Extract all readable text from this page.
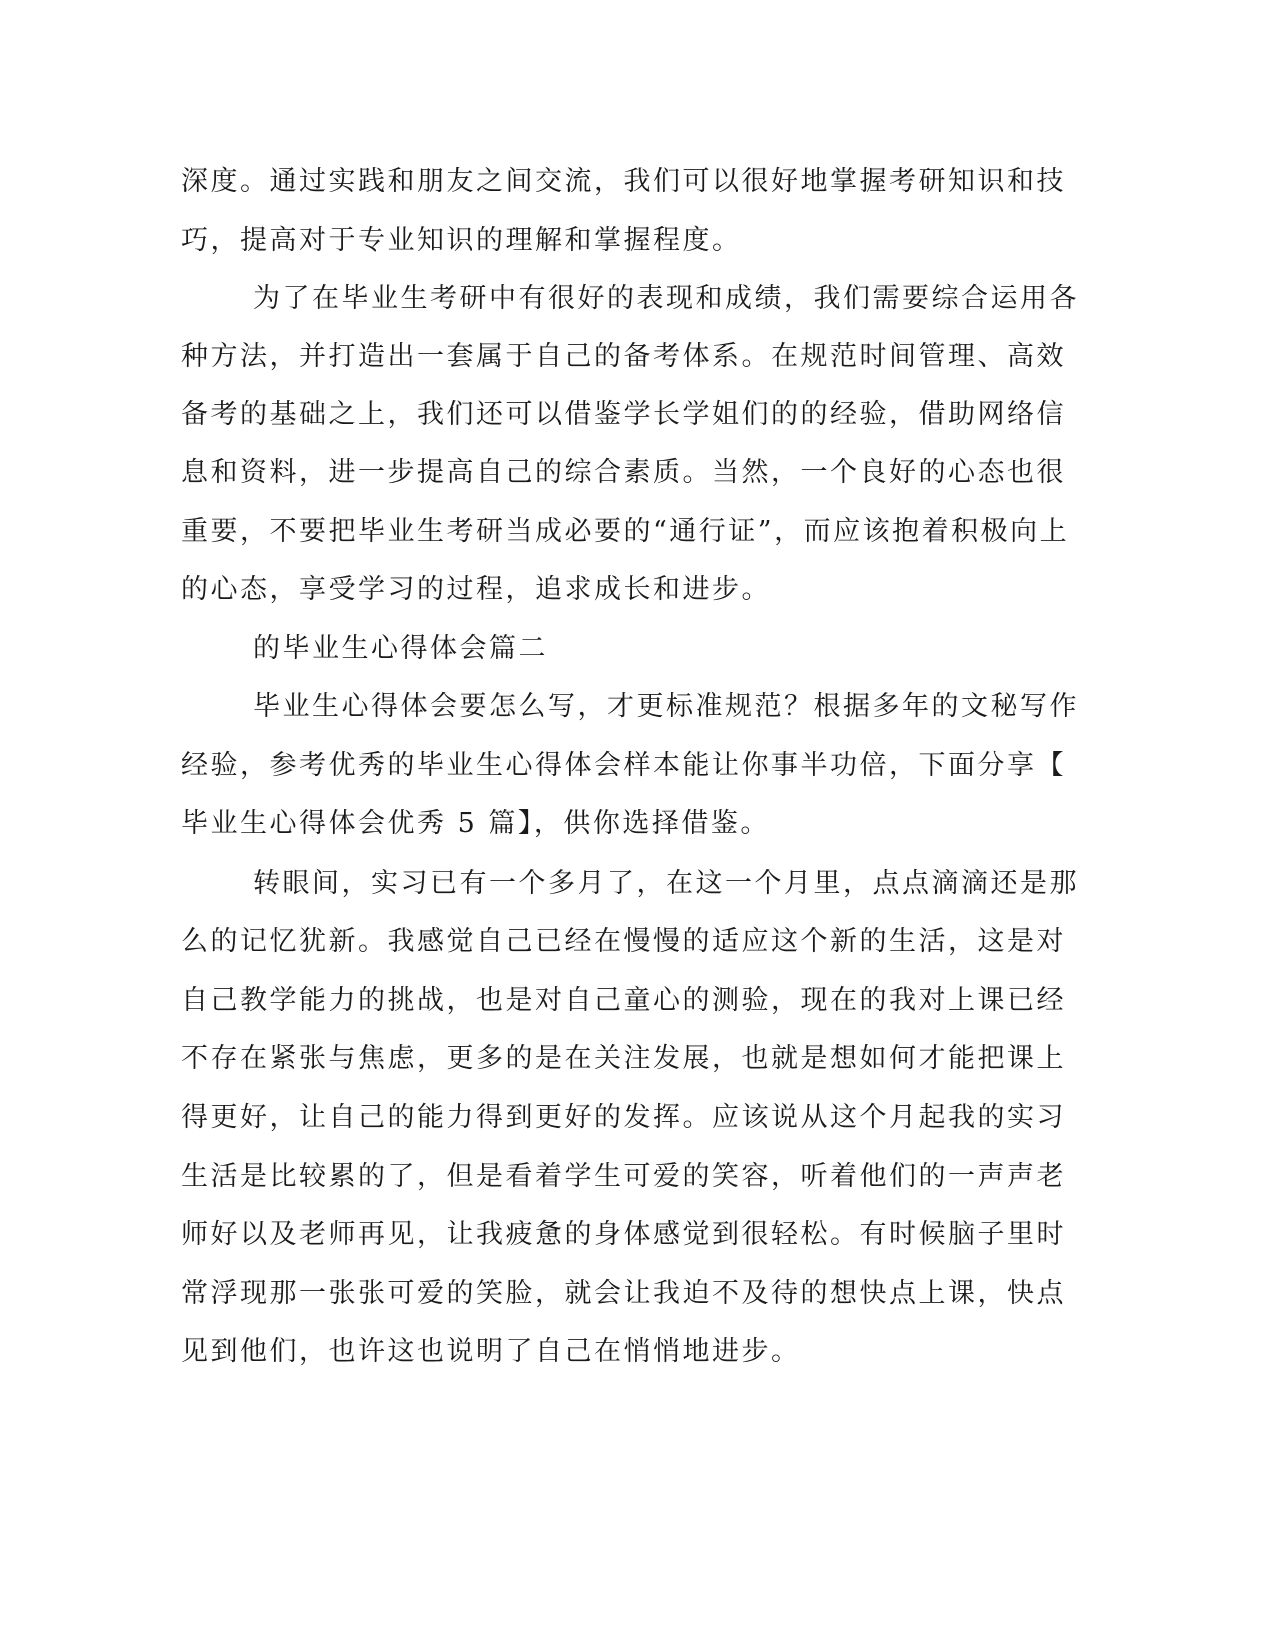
深度。通过实践和朋友之间交流，我们可以很好地掌握考研知识和技
巧，提高对于专业知识的理解和掌握程度。
为了在毕业生考研中有很好的表现和成绩，我们需要综合运用各
种方法，并打造出一套属于自己的备考体系。在规范时间管理、高效
备考的基础之上，我们还可以借鉴学长学姐们的的经验，借助网络信
息和资料，进一步提高自己的综合素质。当然，一个良好的心态也很
重要，不要把毕业生考研当成必要的“通行证”，而应该抱着积极向上
的心态，享受学习的过程，追求成长和进步。
的毕业生心得体会篇二
毕业生心得体会要怎么写，才更标准规范？根据多年的文秘写作
经验，参考优秀的毕业生心得体会样本能让你事半功倍，下面分享【
毕业生心得体会优秀 5 篇】，供你选择借鉴。
转眼间，实习已有一个多月了，在这一个月里，点点滴滴还是那
么的记忆犹新。我感觉自己已经在慢慢的适应这个新的生活，这是对
自己教学能力的挑战，也是对自己童心的测验，现在的我对上课已经
不存在紧张与焦虑，更多的是在关注发展，也就是想如何才能把课上
得更好，让自己的能力得到更好的发挥。应该说从这个月起我的实习
生活是比较累的了，但是看着学生可爱的笑容，听着他们的一声声老
师好以及老师再见，让我疲惫的身体感觉到很轻松。有时候脑子里时
常浮现那一张张可爱的笑脸，就会让我迫不及待的想快点上课，快点
见到他们，也许这也说明了自己在悄悄地进步。
